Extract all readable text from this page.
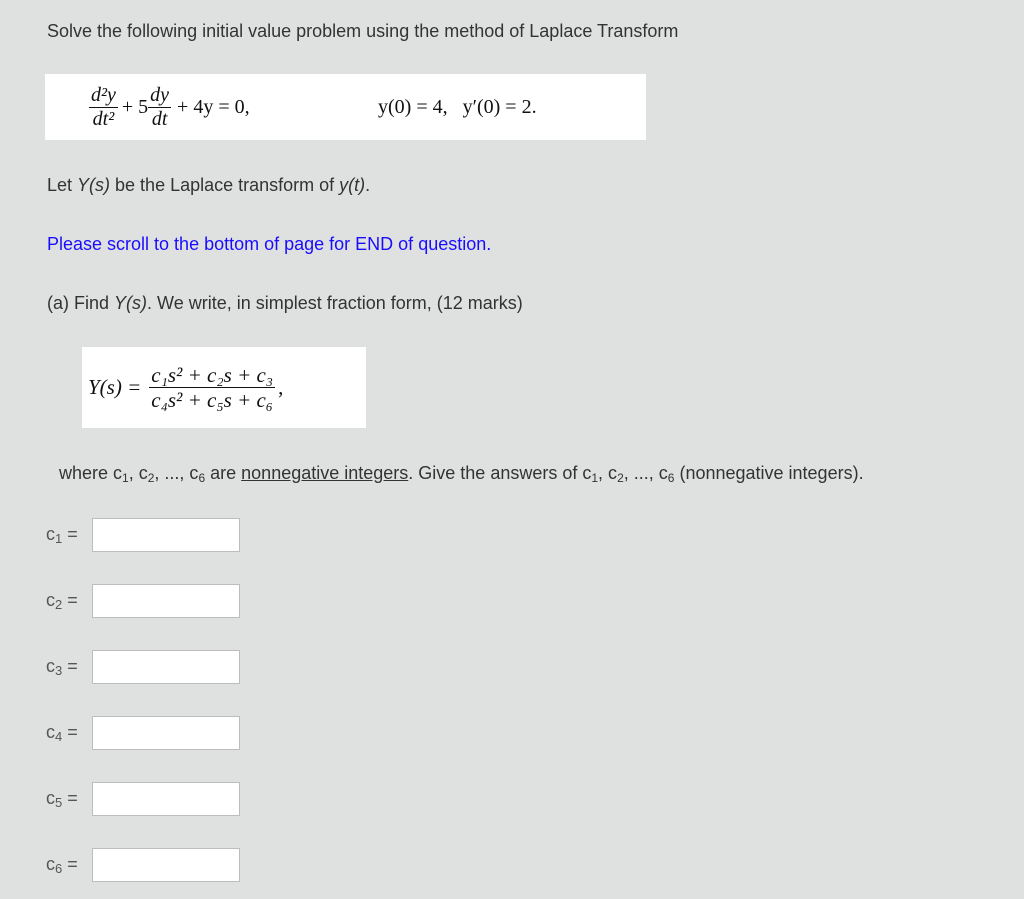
Solve the following initial value problem using the method of Laplace Transform
$\frac{\text{d²y}}{\text{dt²}} + 5 \frac{dy}{dt} + 4y = 0$,	y(0) = 4,   y′(0) = 2.
Let Y(s) be the Laplace transform of y(t).
Please scroll to the bottom of page for END of question.
(a) Find Y(s). We write, in simplest fraction form, (12 marks)
$Y(s) = \frac{\text{c₁s² + c₂s + c₃}}{\text{c₄s² + c₅s + c₆}}$ ,
where $c_1$, $c_2$, ..., $c_6$ are nonnegative integers. Give the answers of $c_1$, $c_2$, ..., $c_6$ (nonnegative integers).
$c_1$ =
$c_2$ =
$c_3$ =
$c_4$ =
$c_5$ =
$c_6$ =
